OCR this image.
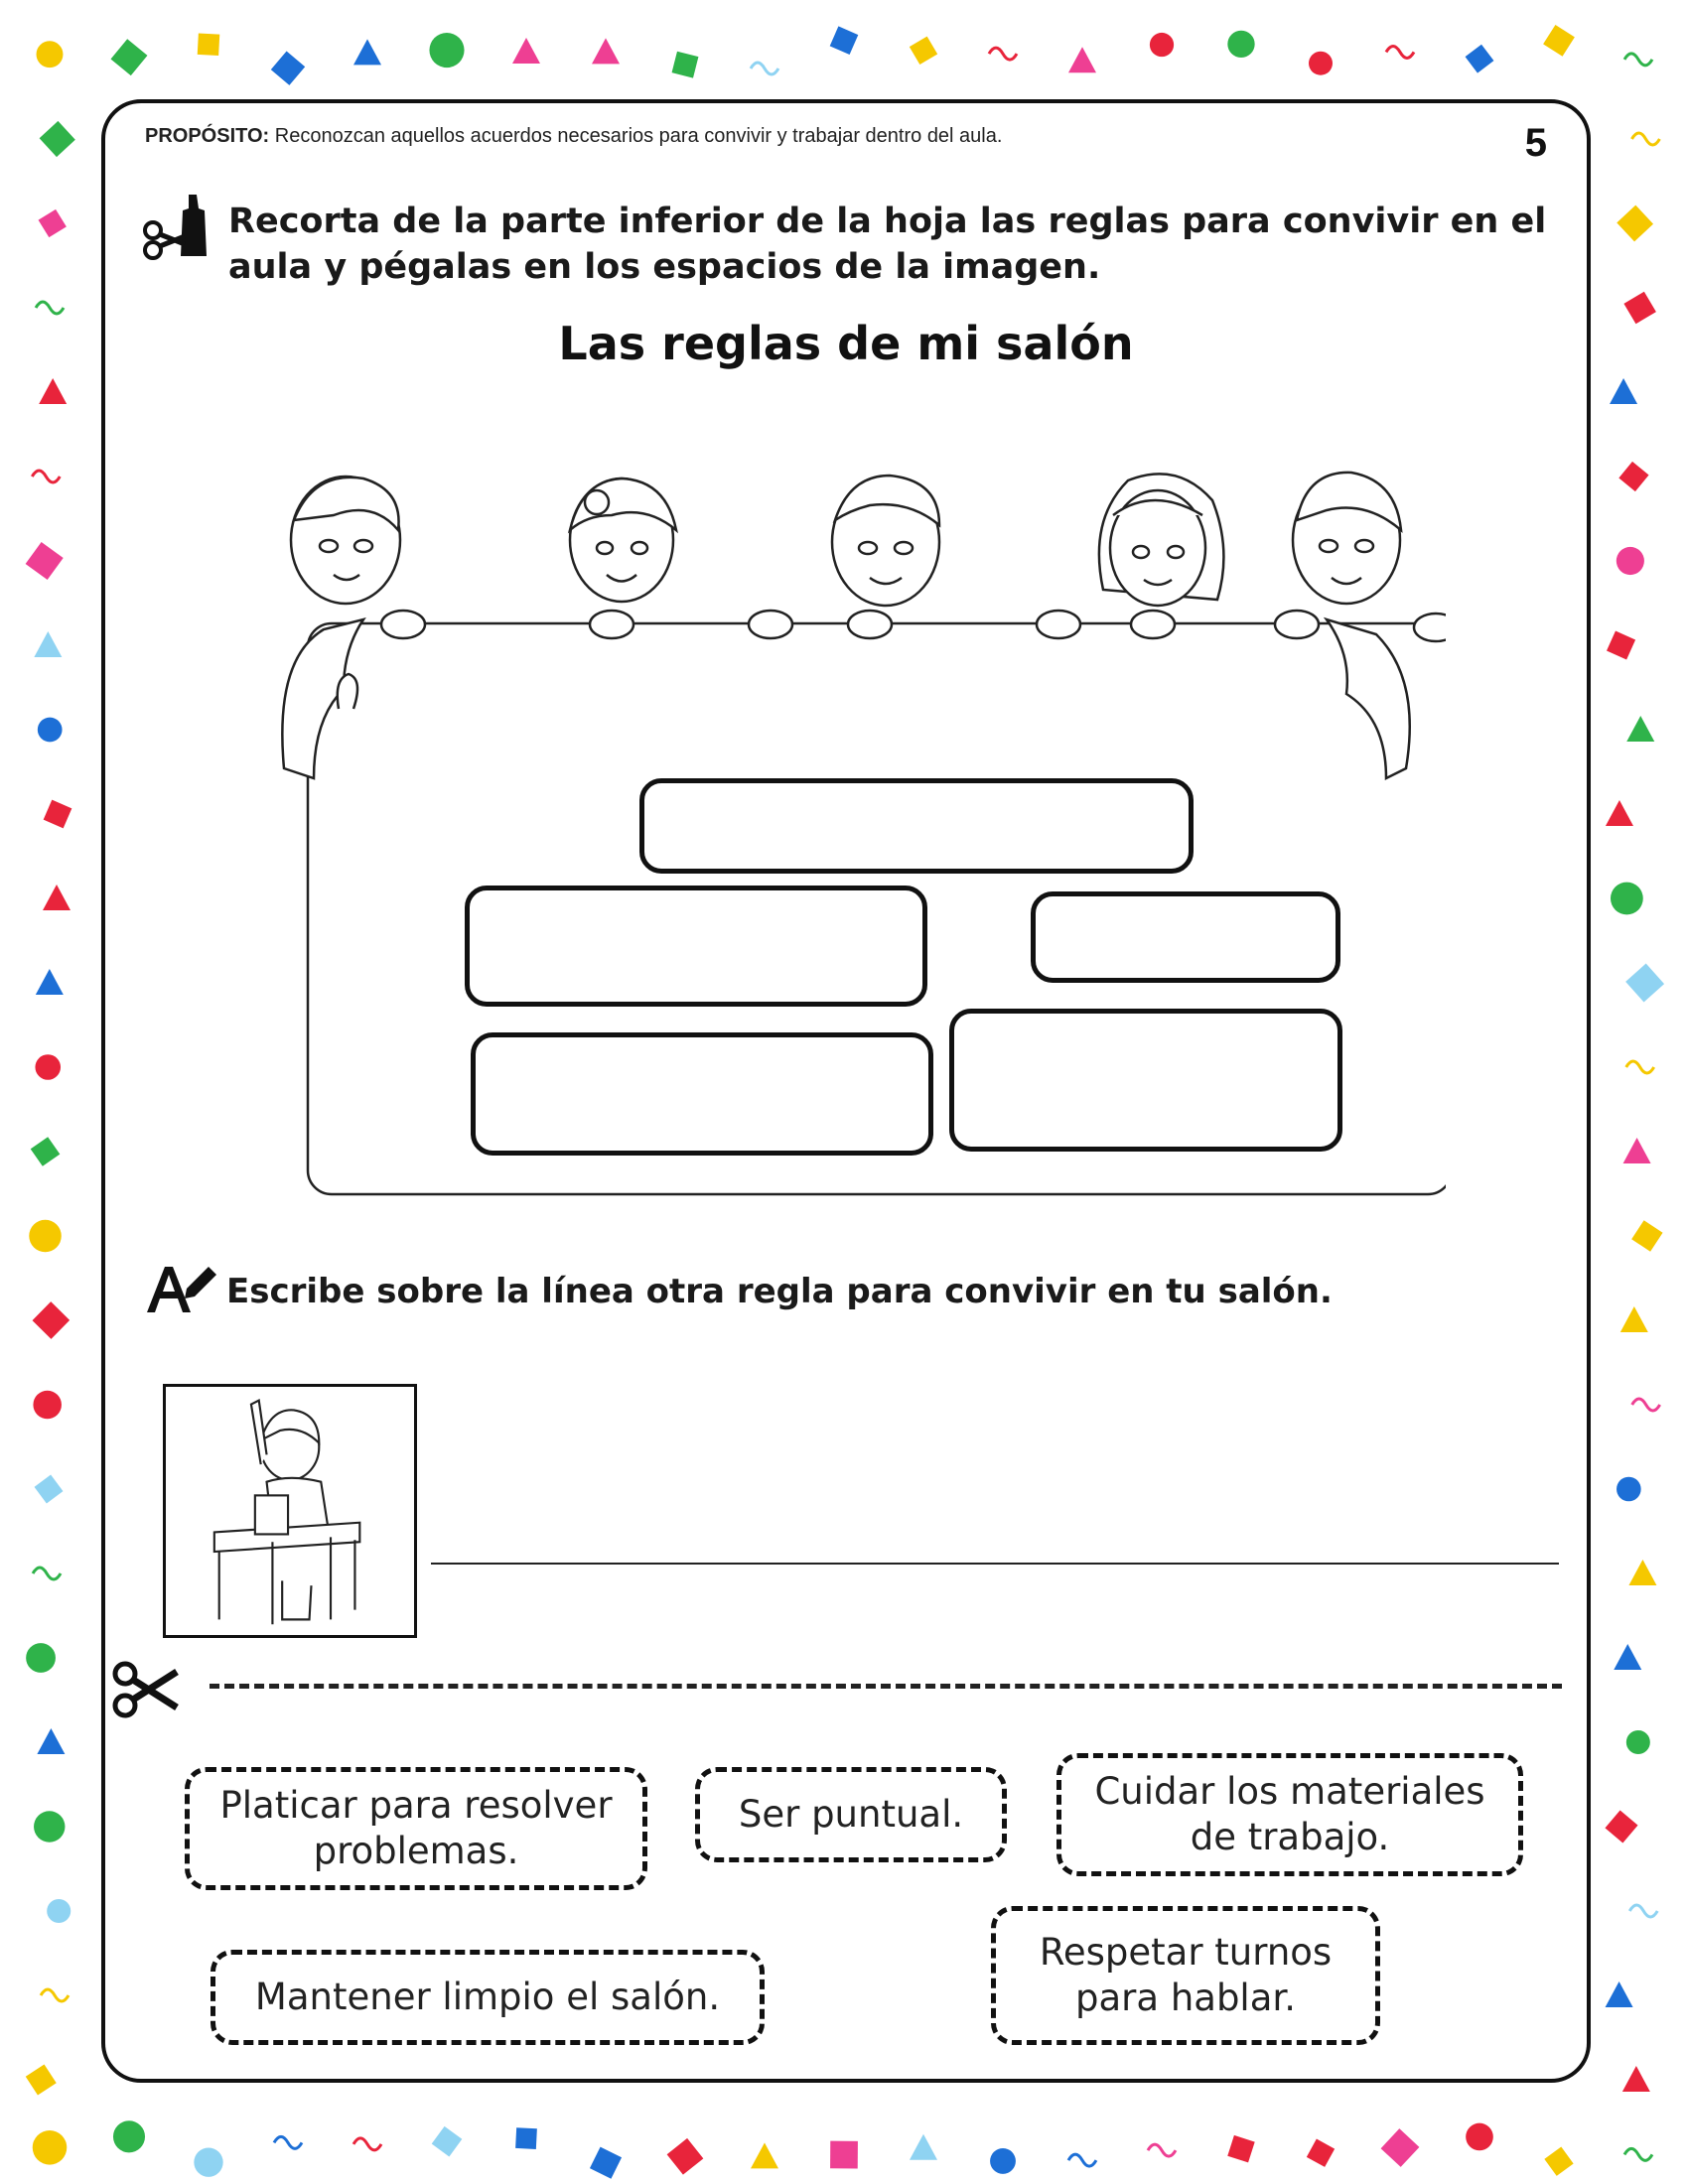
PROPÓSITO: Reconozcan aquellos acuerdos necesarios para convivir y trabajar dentro del aula.	5
Recorta de la parte inferior de la hoja las reglas para convivir en el
aula y pégalas en los espacios de la imagen.
Las reglas de mi salón
Escribe sobre la línea otra regla para convivir en tu salón.
Platicar para resolver
problemas.
Ser puntual.
Cuidar los materiales
de trabajo.
Mantener limpio el salón.
Respetar turnos
para hablar.
